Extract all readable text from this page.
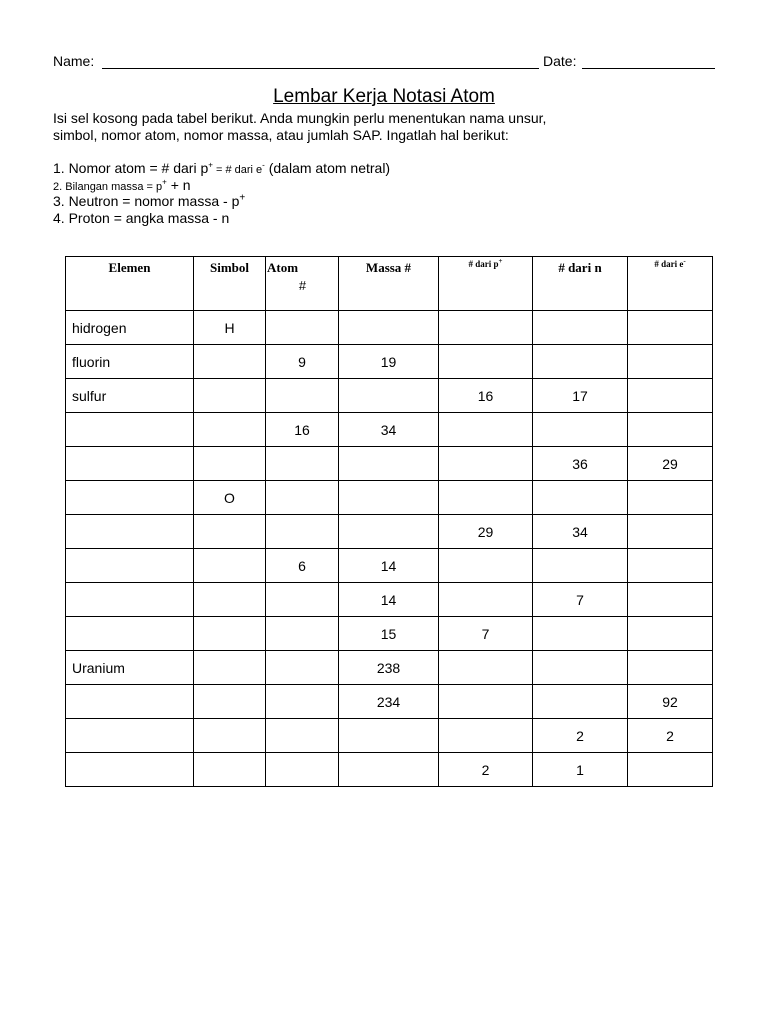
Name:	Date:
Lembar Kerja Notasi Atom
Isi sel kosong pada tabel berikut. Anda mungkin perlu menentukan nama unsur,
simbol, nomor atom, nomor massa, atau jumlah SAP. Ingatlah hal berikut:
1. Nomor atom = # dari p+ = # dari e- (dalam atom netral)
2. Bilangan massa = p+ + n
3. Neutron = nomor massa - p+
4. Proton = angka massa - n
Elemen	Simbol	Atom
#	Massa #	# dari p+	# dari n	# dari e-
hidrogen	H					
fluorin		9	19			
sulfur				16	17	
		16	34			
					36	29
	O					
				29	34	
		6	14			
			14		7	
			15	7		
Uranium			238			
			234			92
					2	2
				2	1	
